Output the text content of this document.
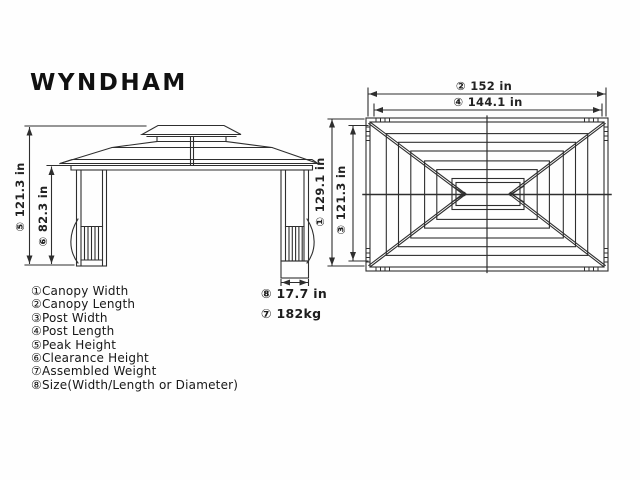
WYNDHAM	② 152 in
④ 144.1 in
① 129.1 in ③ 121.3 in
⑤ 121.3 in ⑥ 82.3 in
⑧ 17.7 in
⑦ 182kg
①Canopy Width
②Canopy Length
③Post Width
④Post Length
⑤Peak Height
⑥Clearance Height
⑦Assembled Weight
⑧Size(Width/Length or Diameter)
